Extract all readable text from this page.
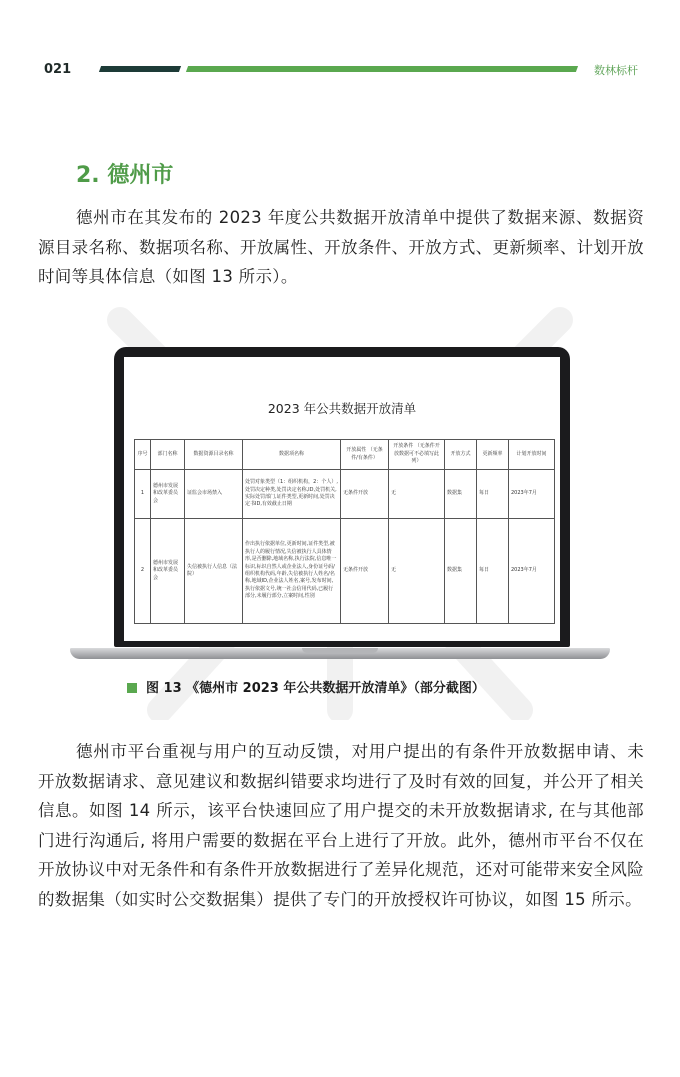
021	数林标杆
2. 德州市

德州市在其发布的 2023 年度公共数据开放清单中提供了数据来源、数据资源目录名称、数据项名称、开放属性、开放条件、开放方式、更新频率、计划开放时间等具体信息（如图 13 所示）。

2023 年公共数据开放清单
序号	部门名称	数据资源目录名称	数据项名称	开放属性 （无条件/有条件）	开放条件 （无条件开放数据可不必填写此列）	开放方式	更新频率	计划开放时间
1	德州市发展和改革委员会	证监会市场禁入	处罚对象类型（1：组织机构，2：个人）,处罚决定种类,处罚决定名称,ID,处罚机关,实际处罚部门,证件类型,更新时间,处罚决定书ID,有效截止日期	无条件开放	无	数据集	每日	2023年7月
2	德州市发展和改革委员会	失信被执行人信息（法院）	作出执行依据单位,更新时间,证件类型,被执行人的履行情况,失信被执行人具体情形,是否删除,地域名称,执行法院,信息唯一标识,标识自然人或企业法人,身份证号码/组织机构代码,年龄,失信被执行人姓名/名称,地域ID,企业法人姓名,案号,发布时间,执行依据文号,统一社会信用代码,已履行部分,未履行部分,立案时间,性别	无条件开放	无	数据集	每日	2023年7月
图 13 《德州市 2023 年公共数据开放清单》（部分截图）

德州市平台重视与用户的互动反馈，对用户提出的有条件开放数据申请、未开放数据请求、意见建议和数据纠错要求均进行了及时有效的回复，并公开了相关信息。如图 14 所示，该平台快速回应了用户提交的未开放数据请求, 在与其他部门进行沟通后, 将用户需要的数据在平台上进行了开放。此外，德州市平台不仅在开放协议中对无条件和有条件开放数据进行了差异化规范，还对可能带来安全风险的数据集（如实时公交数据集）提供了专门的开放授权许可协议，如图 15 所示。
